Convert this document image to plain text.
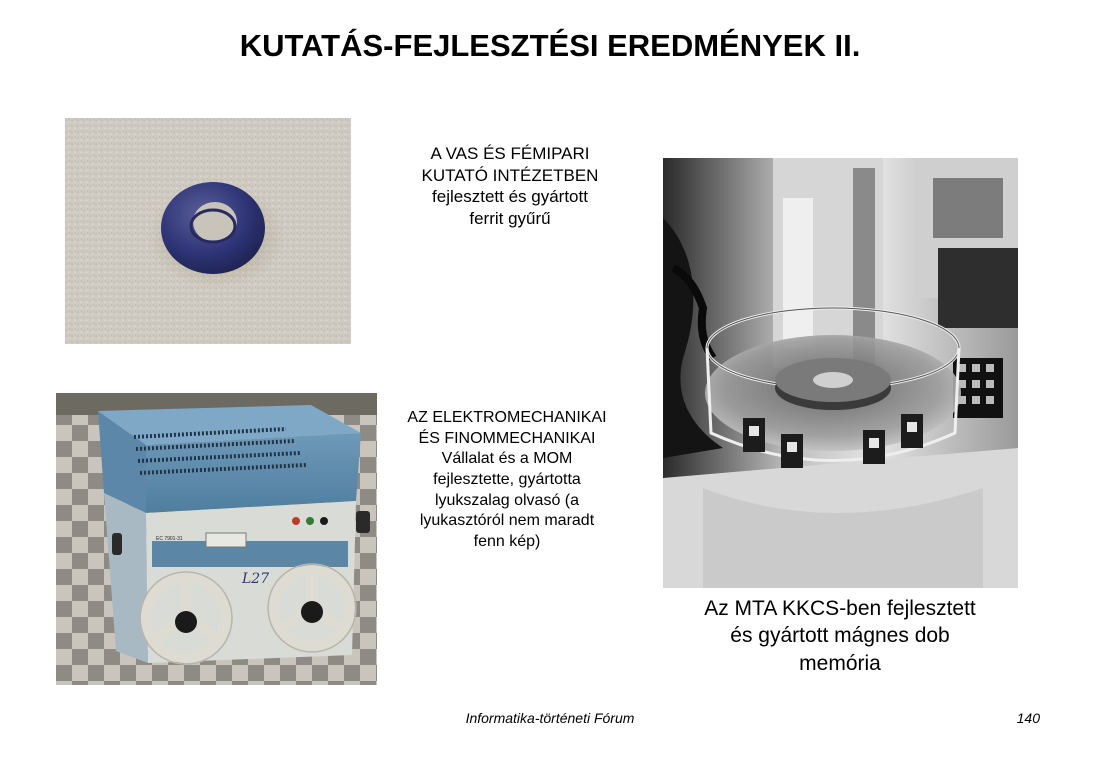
KUTATÁS-FEJLESZTÉSI EREDMÉNYEK II.

A VAS ÉS FÉMIPARI

KUTATÓ INTÉZETBEN

fejlesztett és gyártott

ferrit gyűrű

EC 7901-31
L27

AZ ELEKTROMECHANIKAI

ÉS FINOMMECHANIKAI

Vállalat és a MOM

fejlesztette, gyártotta

lyukszalag olvasó (a

lyukasztóról nem maradt

fenn kép)

Az MTA KKCS-ben fejlesztett

és gyártott mágnes dob

memória

Informatika-történeti Fórum	140
